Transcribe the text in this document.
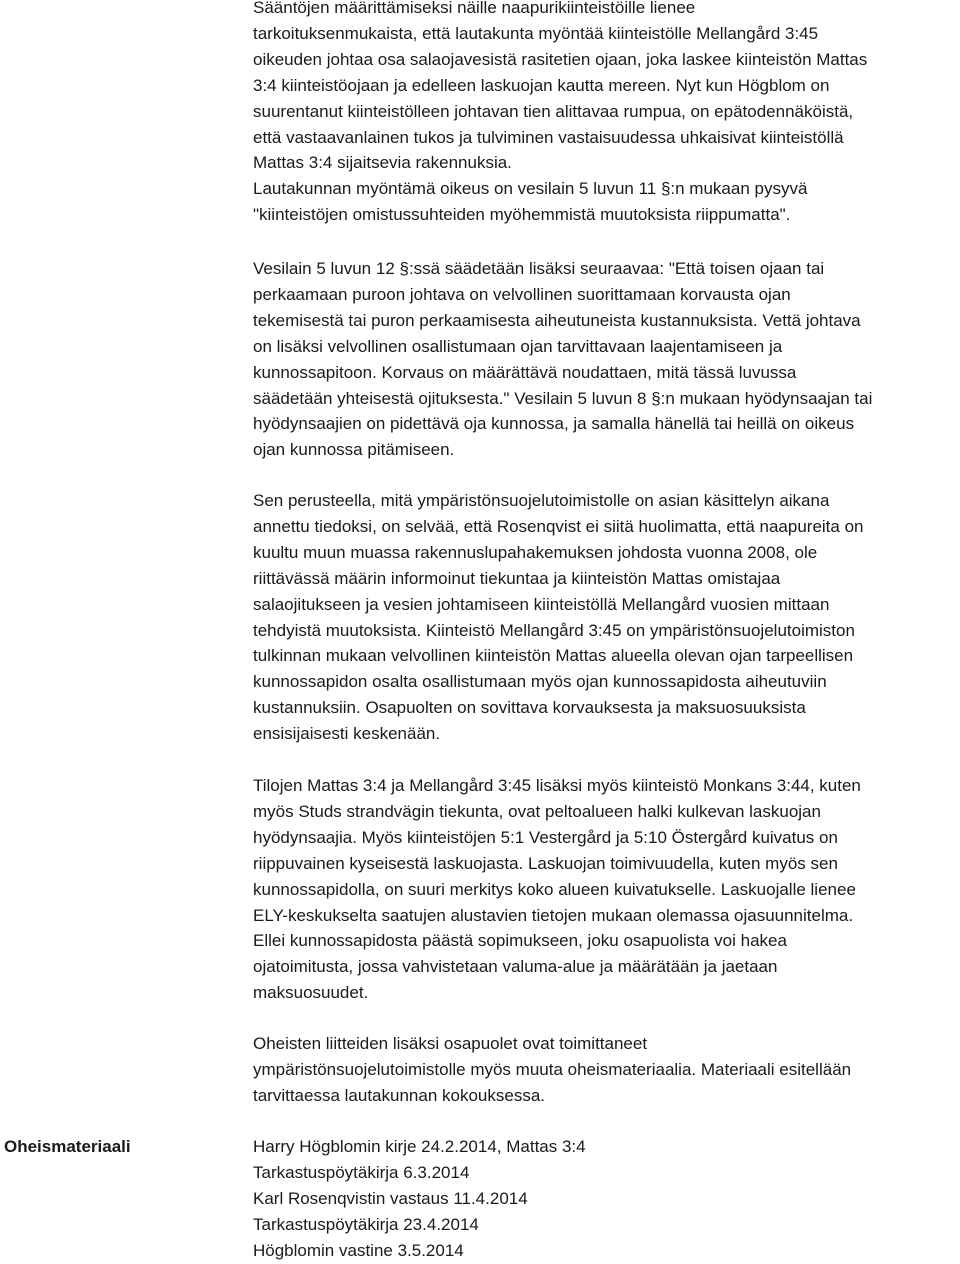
Sääntöjen määrittämiseksi näille naapurikiinteistöille lienee
tarkoituksenmukaista, että lautakunta myöntää kiinteistölle Mellangård 3:45
oikeuden johtaa osa salaojavesistä rasitetien ojaan, joka laskee kiinteistön Mattas
3:4 kiinteistöojaan ja edelleen laskuojan kautta mereen. Nyt kun Högblom on
suurentanut kiinteistölleen johtavan tien alittavaa rumpua, on epätodennäköistä,
että vastaavanlainen tukos ja tulviminen vastaisuudessa uhkaisivat kiinteistöllä
Mattas 3:4 sijaitsevia rakennuksia.
Lautakunnan myöntämä oikeus on vesilain 5 luvun 11 §:n mukaan pysyvä
"kiinteistöjen omistussuhteiden myöhemmistä muutoksista riippumatta".

Vesilain 5 luvun 12 §:ssä säädetään lisäksi seuraavaa: "Että toisen ojaan tai
perkaamaan puroon johtava on velvollinen suorittamaan korvausta ojan
tekemisestä tai puron perkaamisesta aiheutuneista kustannuksista. Vettä johtava
on lisäksi velvollinen osallistumaan ojan tarvittavaan laajentamiseen ja
kunnossapitoon. Korvaus on määrättävä noudattaen, mitä tässä luvussa
säädetään yhteisestä ojituksesta." Vesilain 5 luvun 8 §:n mukaan hyödynsaajan tai
hyödynsaajien on pidettävä oja kunnossa, ja samalla hänellä tai heillä on oikeus
ojan kunnossa pitämiseen.

Sen perusteella, mitä ympäristönsuojelutoimistolle on asian käsittelyn aikana
annettu tiedoksi, on selvää, että Rosenqvist ei siitä huolimatta, että naapureita on
kuultu muun muassa rakennuslupahakemuksen johdosta vuonna 2008, ole
riittävässä määrin informoinut tiekuntaa ja kiinteistön Mattas omistajaa
salaojitukseen ja vesien johtamiseen kiinteistöllä Mellangård vuosien mittaan
tehdyistä muutoksista. Kiinteistö Mellangård 3:45 on ympäristönsuojelutoimiston
tulkinnan mukaan velvollinen kiinteistön Mattas alueella olevan ojan tarpeellisen
kunnossapidon osalta osallistumaan myös ojan kunnossapidosta aiheutuviin
kustannuksiin. Osapuolten on sovittava korvauksesta ja maksuosuuksista
ensisijaisesti keskenään.

Tilojen Mattas 3:4 ja Mellangård 3:45 lisäksi myös kiinteistö Monkans 3:44, kuten
myös Studs strandvägin tiekunta, ovat peltoalueen halki kulkevan laskuojan
hyödynsaajia. Myös kiinteistöjen 5:1 Vestergård ja 5:10 Östergård kuivatus on
riippuvainen kyseisestä laskuojasta. Laskuojan toimivuudella, kuten myös sen
kunnossapidolla, on suuri merkitys koko alueen kuivatukselle. Laskuojalle lienee
ELY-keskukselta saatujen alustavien tietojen mukaan olemassa ojasuunnitelma.
Ellei kunnossapidosta päästä sopimukseen, joku osapuolista voi hakea
ojatoimitusta, jossa vahvistetaan valuma-alue ja määrätään ja jaetaan
maksuosuudet.

Oheisten liitteiden lisäksi osapuolet ovat toimittaneet
ympäristönsuojelutoimistolle myös muuta oheismateriaalia. Materiaali esitellään
tarvittaessa lautakunnan kokouksessa.

Oheismateriaali	Harry Högblomin kirje 24.2.2014, Mattas 3:4
Tarkastuspöytäkirja 6.3.2014
Karl Rosenqvistin vastaus 11.4.2014
Tarkastuspöytäkirja 23.4.2014
Högblomin vastine 3.5.2014
